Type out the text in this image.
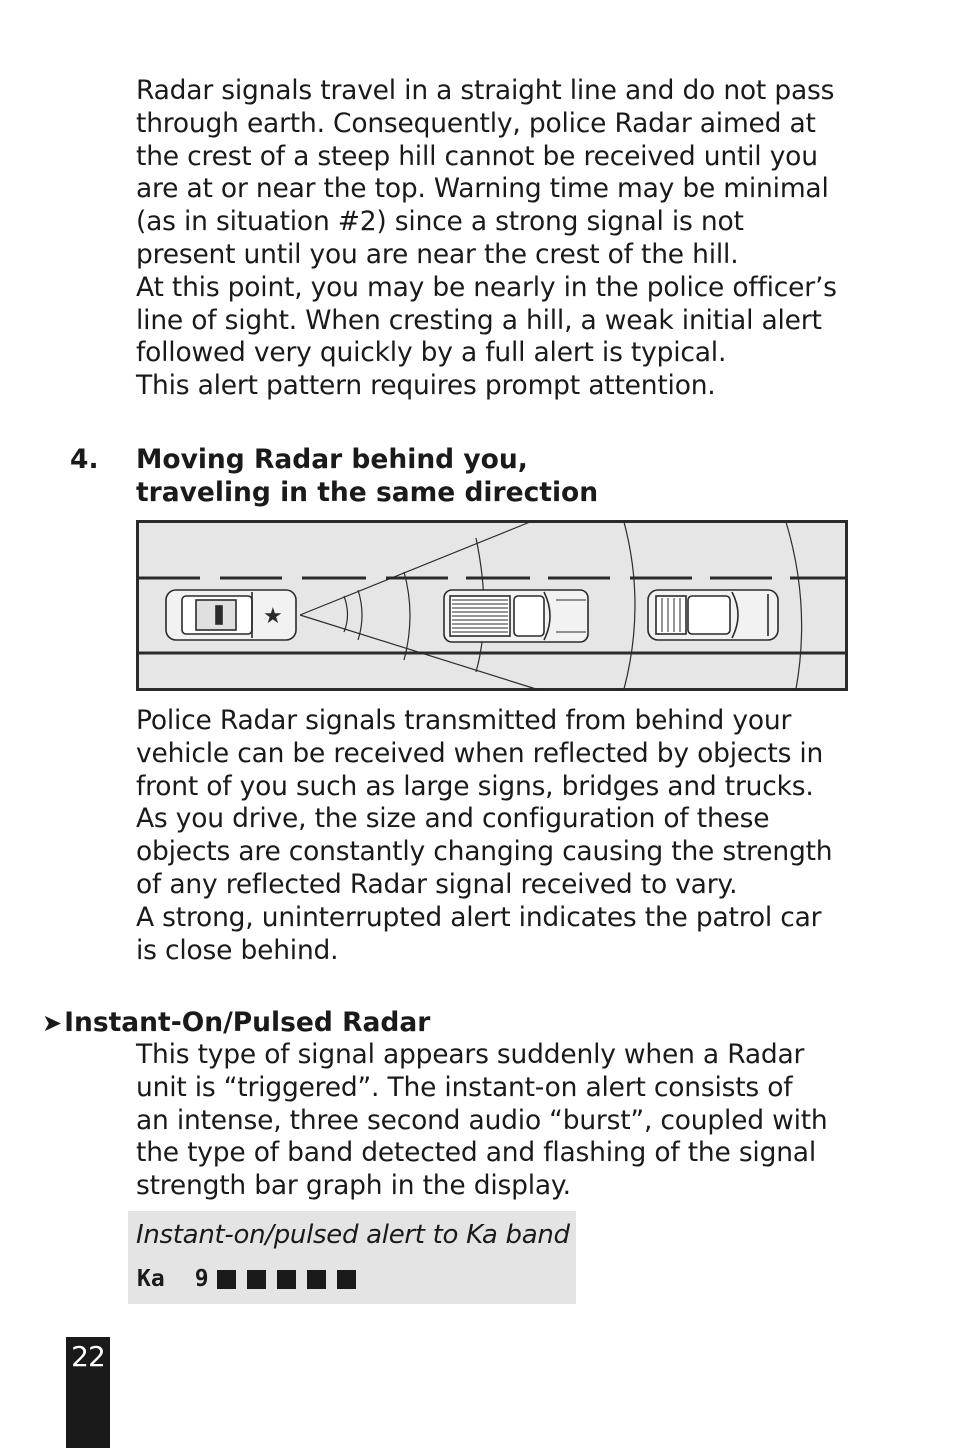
Radar signals travel in a straight line and do not pass
through earth. Consequently, police Radar aimed at
the crest of a steep hill cannot be received until you
are at or near the top. Warning time may be minimal
(as in situation #2) since a strong signal is not
present until you are near the crest of the hill.
At this point, you may be nearly in the police officer’s
line of sight. When cresting a hill, a weak initial alert
followed very quickly by a full alert is typical.
This alert pattern requires prompt attention.

4. Moving Radar behind you,
traveling in the same direction
★

Police Radar signals transmitted from behind your
vehicle can be received when reflected by objects in
front of you such as large signs, bridges and trucks.
As you drive, the size and configuration of these
objects are constantly changing causing the strength
of any reflected Radar signal received to vary.
A strong, uninterrupted alert indicates the patrol car
is close behind.

➤Instant-On/Pulsed Radar

This type of signal appears suddenly when a Radar
unit is “triggered”. The instant-on alert consists of
an intense, three second audio “burst”, coupled with
the type of band detected and flashing of the signal
strength bar graph in the display.

Instant-on/pulsed alert to Ka band
Ka 9
22
